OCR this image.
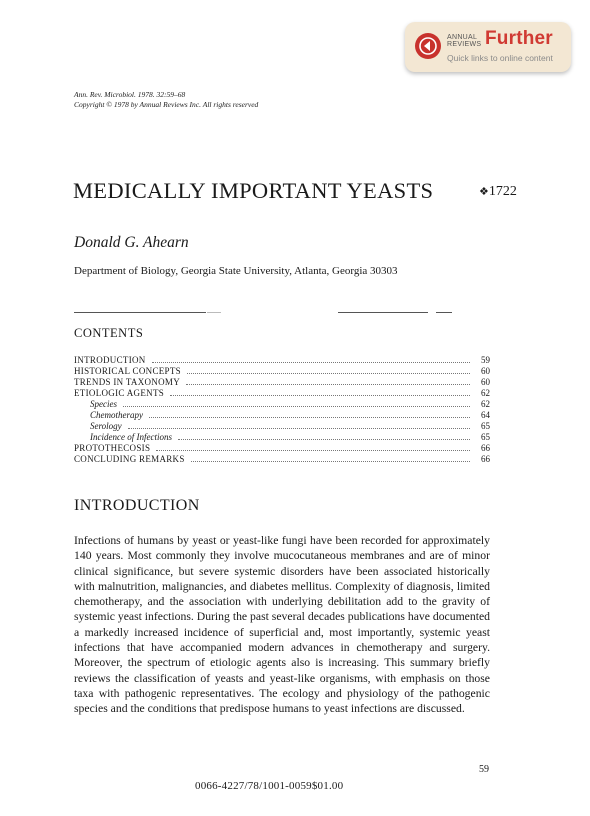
ANNUAL
REVIEWS Further
Quick links to online content
Ann. Rev. Microbiol. 1978. 32:59–68
Copyright © 1978 by Annual Reviews Inc. All rights reserved
MEDICALLY IMPORTANT YEASTS	❖1722
Donald G. Ahearn
Department of Biology, Georgia State University, Atlanta, Georgia 30303
CONTENTS
INTRODUCTION	59
HISTORICAL CONCEPTS	60
TRENDS IN TAXONOMY	60
ETIOLOGIC AGENTS	62
Species	62
Chemotherapy	64
Serology	65
Incidence of Infections	65
PROTOTHECOSIS	66
CONCLUDING REMARKS	66
INTRODUCTION
Infections of humans by yeast or yeast-like fungi have been recorded for approximately 140 years. Most commonly they involve mucocutaneous membranes and are of minor clinical significance, but severe systemic disorders have been associated historically with malnutrition, malignancies, and diabetes mellitus. Complexity of diagnosis, limited chemotherapy, and the association with underlying debilitation add to the gravity of systemic yeast infections. During the past several decades publications have documented a markedly increased incidence of superficial and, most importantly, systemic yeast infections that have accompanied modern advances in chemotherapy and surgery. Moreover, the spectrum of etiologic agents also is increasing. This summary briefly reviews the classification of yeasts and yeast-like organisms, with emphasis on those taxa with pathogenic representatives. The ecology and physiology of the pathogenic species and the conditions that predispose humans to yeast infections are discussed.
59
0066-4227/78/1001-0059$01.00
